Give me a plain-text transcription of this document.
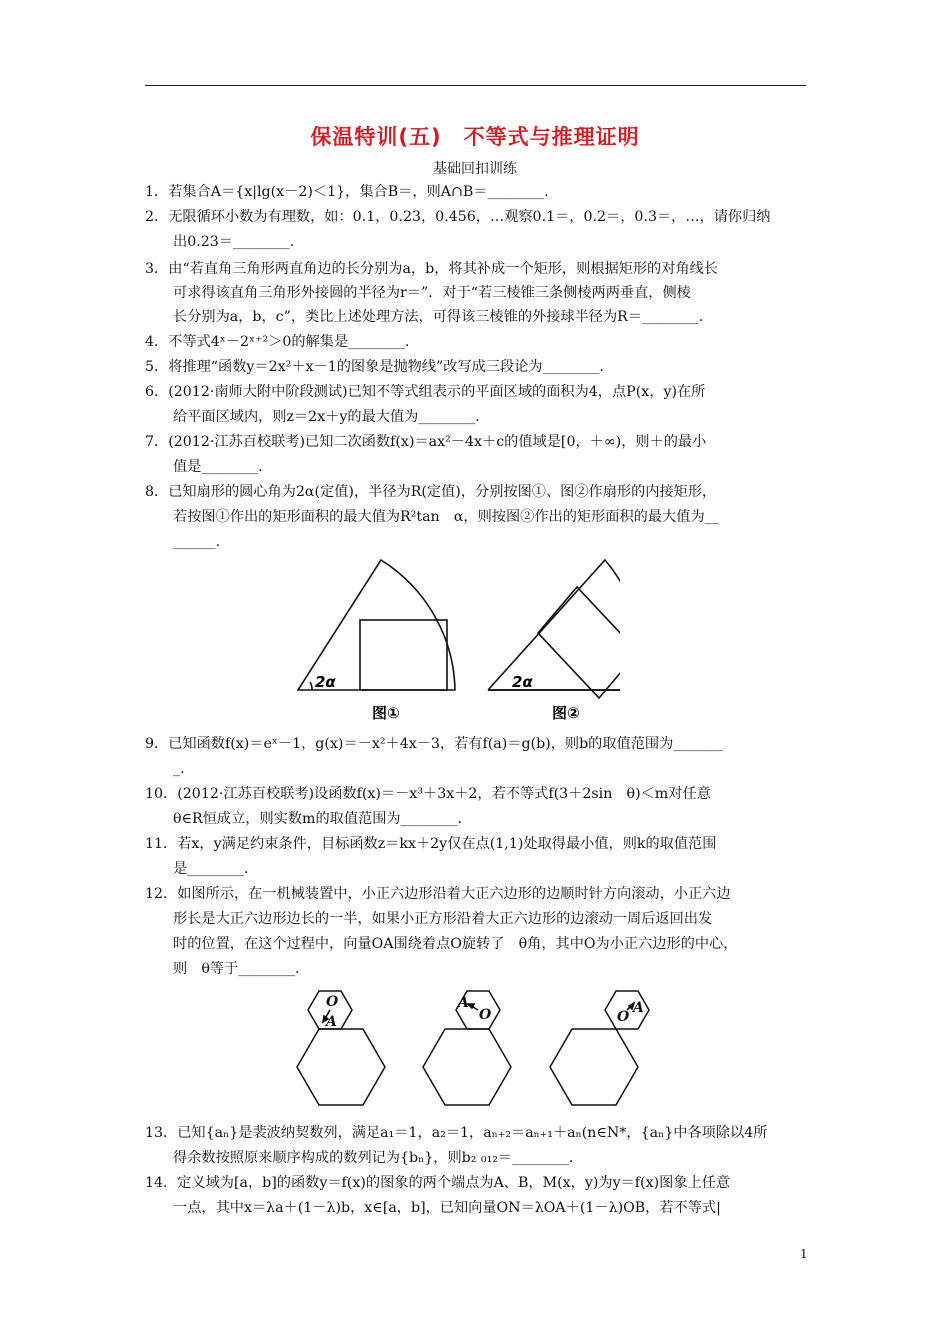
保温特训(五)　不等式与推理证明
基础回扣训练
1．若集合A＝{x|lg(x－2)＜1}，集合B＝，则A∩B＝________.
2．无限循环小数为有理数，如：0.1，0.23，0.456，…观察0.1＝，0.2＝，0.3＝，…，请你归纳
出0.23＝________.
3．由“若直角三角形两直角边的长分别为a，b，将其补成一个矩形，则根据矩形的对角线长
可求得该直角三角形外接圆的半径为r＝”．对于“若三棱锥三条侧棱两两垂直，侧棱
长分别为a，b，c”，类比上述处理方法，可得该三棱锥的外接球半径为R＝________.
4．不等式4ˣ－2ˣ⁺²＞0的解集是________.
5．将推理“函数y＝2x²＋x－1的图象是抛物线”改写成三段论为________.
6．(2012·南师大附中阶段测试)已知不等式组表示的平面区域的面积为4，点P(x，y)在所
给平面区域内，则z＝2x＋y的最大值为________.
7．(2012·江苏百校联考)已知二次函数f(x)＝ax²－4x＋c的值域是[0，＋∞)，则＋的最小
值是________.
8．已知扇形的圆心角为2α(定值)，半径为R(定值)，分别按图①、图②作扇形的内接矩形，
若按图①作出的矩形面积的最大值为R²tan　α，则按图②作出的矩形面积的最大值为__
______.
2α	2α
图①	图②
9．已知函数f(x)＝eˣ－1，g(x)＝－x²＋4x－3，若有f(a)＝g(b)，则b的取值范围为_______
_.
10．(2012·江苏百校联考)设函数f(x)＝－x³＋3x＋2，若不等式f(3＋2sin　θ)＜m对任意
θ∈R恒成立，则实数m的取值范围为________.
11．若x，y满足约束条件，目标函数z＝kx＋2y仅在点(1,1)处取得最小值，则k的取值范围
是________.
12．如图所示，在一机械装置中，小正六边形沿着大正六边形的边顺时针方向滚动，小正六边
形长是大正六边形边长的一半，如果小正方形沿着大正六边形的边滚动一周后返回出发
时的位置，在这个过程中，向量OA围绕着点O旋转了　θ角，其中O为小正六边形的中心，
则　θ等于________.
O
A
A
O	O
A
13．已知{aₙ}是裴波纳契数列，满足a₁＝1，a₂＝1，aₙ₊₂＝aₙ₊₁＋aₙ(n∈N*，{aₙ}中各项除以4所
得余数按照原来顺序构成的数列记为{bₙ}，则b₂ ₀₁₂＝________.
14．定义域为[a，b]的函数y＝f(x)的图象的两个端点为A、B，M(x，y)为y＝f(x)图象上任意
一点，其中x＝λa＋(1－λ)b，x∈[a，b]，已知向量ON＝λOA＋(1－λ)OB，若不等式|
1
